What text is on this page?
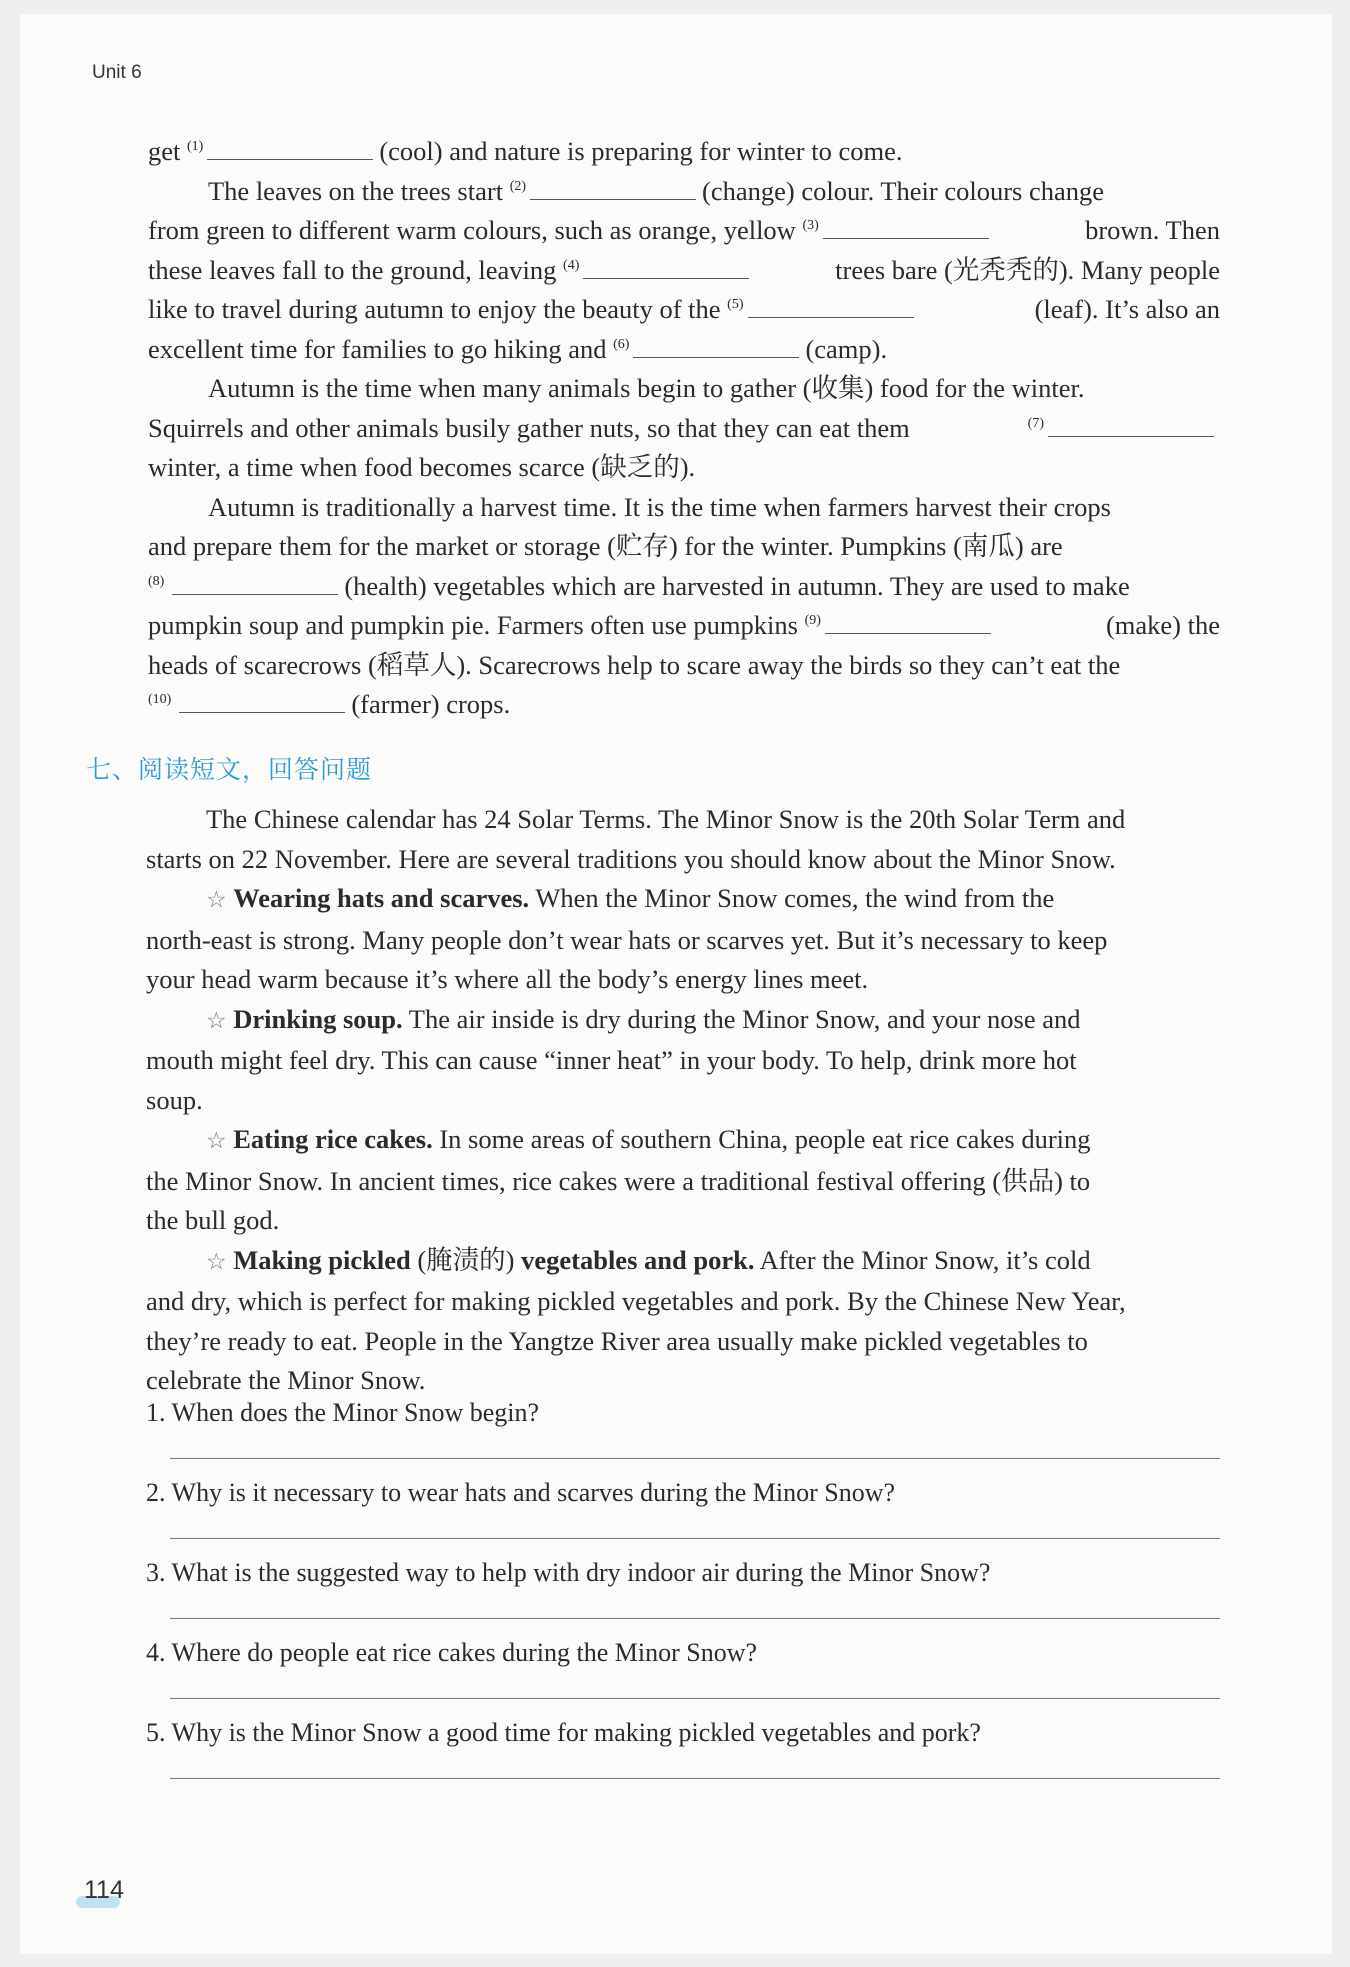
Unit 6
get $^{(1)}$	(cool) and nature is preparing for winter to come.
The leaves on the trees start $^{(2)}$	(change) colour. Their colours change
from green to different warm colours, such as orange, yellow $^{(3)}$	brown. Then
these leaves fall to the ground, leaving $^{(4)}$	trees bare (光秃秃的). Many people
like to travel during autumn to enjoy the beauty of the $^{(5)}$	(leaf). It’s also an
excellent time for families to go hiking and $^{(6)}$	(camp).
Autumn is the time when many animals begin to gather (收集) food for the winter.
Squirrels and other animals busily gather nuts, so that they can eat them	$^{(7)}$
winter, a time when food becomes scarce (缺乏的).
Autumn is traditionally a harvest time. It is the time when farmers harvest their crops
and prepare them for the market or storage (贮存) for the winter. Pumpkins (南瓜) are
$^{(8)}$	(health) vegetables which are harvested in autumn. They are used to make
pumpkin soup and pumpkin pie. Farmers often use pumpkins $^{(9)}$	(make) the
heads of scarecrows (稻草人). Scarecrows help to scare away the birds so they can’t eat the
$^{(10)}$	(farmer) crops.
七、阅读短文，回答问题
The Chinese calendar has 24 Solar Terms. The Minor Snow is the 20th Solar Term and
starts on 22 November. Here are several traditions you should know about the Minor Snow.
☆ Wearing hats and scarves. When the Minor Snow comes, the wind from the
north-east is strong. Many people don’t wear hats or scarves yet. But it’s necessary to keep
your head warm because it’s where all the body’s energy lines meet.
☆ Drinking soup. The air inside is dry during the Minor Snow, and your nose and
mouth might feel dry. This can cause “inner heat” in your body. To help, drink more hot
soup.
☆ Eating rice cakes. In some areas of southern China, people eat rice cakes during
the Minor Snow. In ancient times, rice cakes were a traditional festival offering (供品) to
the bull god.
☆ Making pickled (腌渍的) vegetables and pork. After the Minor Snow, it’s cold
and dry, which is perfect for making pickled vegetables and pork. By the Chinese New Year,
they’re ready to eat. People in the Yangtze River area usually make pickled vegetables to
celebrate the Minor Snow.
1. When does the Minor Snow begin?
2. Why is it necessary to wear hats and scarves during the Minor Snow?
3. What is the suggested way to help with dry indoor air during the Minor Snow?
4. Where do people eat rice cakes during the Minor Snow?
5. Why is the Minor Snow a good time for making pickled vegetables and pork?
114
